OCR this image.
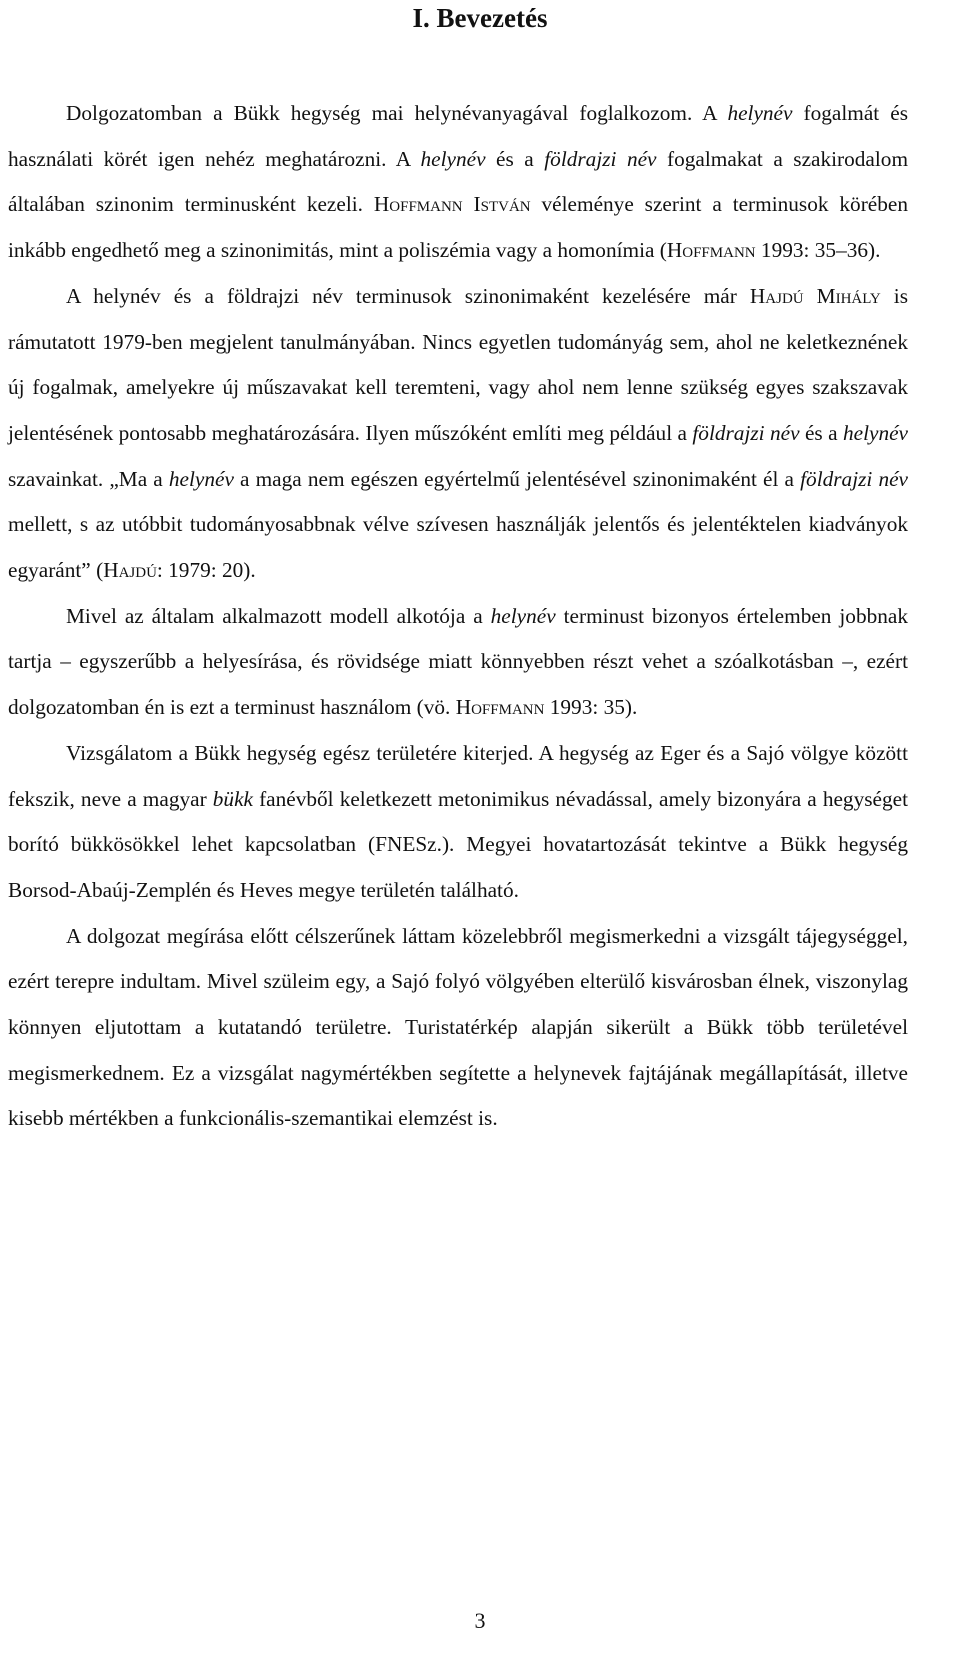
I. Bevezetés

Dolgozatomban a Bükk hegység mai helynévanyagával foglalkozom. A helynév fogalmát és használati körét igen nehéz meghatározni. A helynév és a földrajzi név fogalmakat a szakirodalom általában szinonim terminusként kezeli. Hoffmann István véleménye szerint a terminusok körében inkább engedhető meg a szinonimitás, mint a poliszémia vagy a homonímia (Hoffmann 1993: 35–36).

A helynév és a földrajzi név terminusok szinonimaként kezelésére már Hajdú Mihály is rámutatott 1979-ben megjelent tanulmányában. Nincs egyetlen tudományág sem, ahol ne keletkeznének új fogalmak, amelyekre új műszavakat kell teremteni, vagy ahol nem lenne szükség egyes szakszavak jelentésének pontosabb meghatározására. Ilyen műszóként említi meg például a földrajzi név és a helynév szavainkat. „Ma a helynév a maga nem egészen egyértelmű jelentésével szinonimaként él a földrajzi név mellett, s az utóbbit tudományosabbnak vélve szívesen használják jelentős és jelentéktelen kiadványok egyaránt” (Hajdú: 1979: 20).

Mivel az általam alkalmazott modell alkotója a helynév terminust bizonyos értelemben jobbnak tartja – egyszerűbb a helyesírása, és rövidsége miatt könnyebben részt vehet a szóalkotásban –, ezért dolgozatomban én is ezt a terminust használom (vö. Hoffmann 1993: 35).

Vizsgálatom a Bükk hegység egész területére kiterjed. A hegység az Eger és a Sajó völgye között fekszik, neve a magyar bükk fanévből keletkezett metonimikus névadással, amely bizonyára a hegységet borító bükkösökkel lehet kapcsolatban (FNESz.). Megyei hovatartozását tekintve a Bükk hegység Borsod-Abaúj-Zemplén és Heves megye területén található.

A dolgozat megírása előtt célszerűnek láttam közelebbről megismerkedni a vizsgált tájegységgel, ezért terepre indultam. Mivel szüleim egy, a Sajó folyó völgyében elterülő kisvárosban élnek, viszonylag könnyen eljutottam a kutatandó területre. Turistatérkép alapján sikerült a Bükk több területével megismerkednem. Ez a vizsgálat nagymértékben segítette a helynevek fajtájának megállapítását, illetve kisebb mértékben a funkcionális-szemantikai elemzést is.

3
